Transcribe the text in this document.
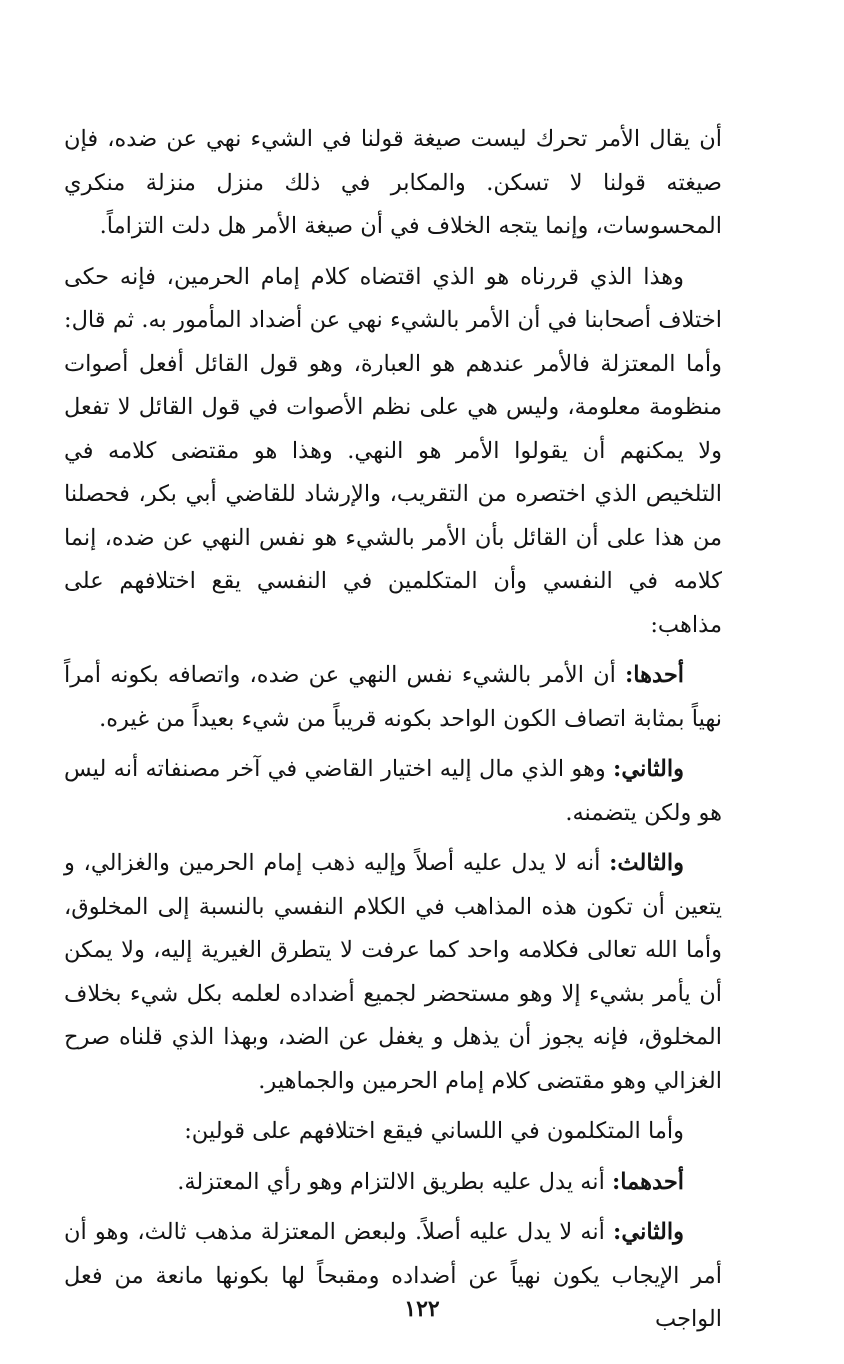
أن يقال الأمر تحرك ليست صيغة قولنا في الشيء نهي عن ضده، فإن صيغته قولنا لا تسكن. والمكابر في ذلك منزل منزلة منكري المحسوسات، وإنما يتجه الخلاف في أن صيغة الأمر هل دلت التزاماً.

وهذا الذي قررناه هو الذي اقتضاه كلام إمام الحرمين، فإنه حكى اختلاف أصحابنا في أن الأمر بالشيء نهي عن أضداد المأمور به. ثم قال: وأما المعتزلة فالأمر عندهم هو العبارة، وهو قول القائل أفعل أصوات منظومة معلومة، وليس هي على نظم الأصوات في قول القائل لا تفعل ولا يمكنهم أن يقولوا الأمر هو النهي. وهذا هو مقتضى كلامه في التلخيص الذي اختصره من التقريب، والإرشاد للقاضي أبي بكر، فحصلنا من هذا على أن القائل بأن الأمر بالشيء هو نفس النهي عن ضده، إنما كلامه في النفسي وأن المتكلمين في النفسي يقع اختلافهم على مذاهب:

أحدها: أن الأمر بالشيء نفس النهي عن ضده، واتصافه بكونه أمراً نهياً بمثابة اتصاف الكون الواحد بكونه قريباً من شيء بعيداً من غيره.

والثاني: وهو الذي مال إليه اختيار القاضي في آخر مصنفاته أنه ليس هو ولكن يتضمنه.

والثالث: أنه لا يدل عليه أصلاً وإليه ذهب إمام الحرمين والغزالي، و يتعين أن تكون هذه المذاهب في الكلام النفسي بالنسبة إلى المخلوق، وأما الله تعالى فكلامه واحد كما عرفت لا يتطرق الغيرية إليه، ولا يمكن أن يأمر بشيء إلا وهو مستحضر لجميع أضداده لعلمه بكل شيء بخلاف المخلوق، فإنه يجوز أن يذهل و يغفل عن الضد، وبهذا الذي قلناه صرح الغزالي وهو مقتضى كلام إمام الحرمين والجماهير.

وأما المتكلمون في اللساني فيقع اختلافهم على قولين:

أحدهما: أنه يدل عليه بطريق الالتزام وهو رأي المعتزلة.

والثاني: أنه لا يدل عليه أصلاً. ولبعض المعتزلة مذهب ثالث، وهو أن أمر الإيجاب يكون نهياً عن أضداده ومقبحاً لها بكونها مانعة من فعل الواجب

١٢٢
